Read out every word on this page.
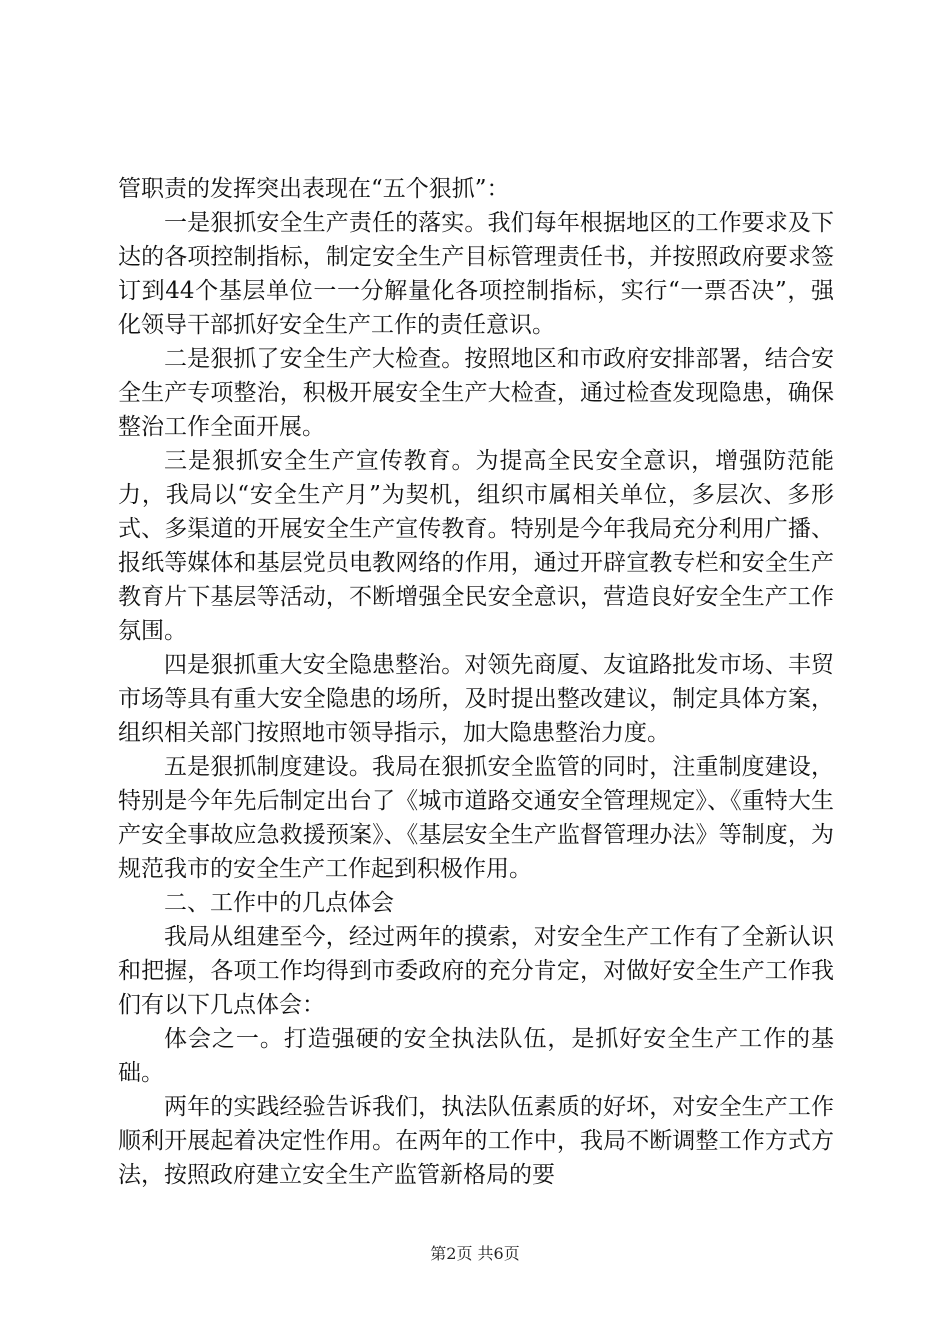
管职责的发挥突出表现在“五个狠抓”：

一是狠抓安全生产责任的落实。我们每年根据地区的工作要求及下达的各项控制指标，制定安全生产目标管理责任书，并按照政府要求签订到44个基层单位一一分解量化各项控制指标，实行“一票否决”，强化领导干部抓好安全生产工作的责任意识。

二是狠抓了安全生产大检查。按照地区和市政府安排部署，结合安全生产专项整治，积极开展安全生产大检查，通过检查发现隐患，确保整治工作全面开展。

三是狠抓安全生产宣传教育。为提高全民安全意识，增强防范能力，我局以“安全生产月”为契机，组织市属相关单位，多层次、多形式、多渠道的开展安全生产宣传教育。特别是今年我局充分利用广播、报纸等媒体和基层党员电教网络的作用，通过开辟宣教专栏和安全生产教育片下基层等活动，不断增强全民安全意识，营造良好安全生产工作氛围。

四是狠抓重大安全隐患整治。对领先商厦、友谊路批发市场、丰贸市场等具有重大安全隐患的场所，及时提出整改建议，制定具体方案，组织相关部门按照地市领导指示，加大隐患整治力度。

五是狠抓制度建设。我局在狠抓安全监管的同时，注重制度建设，特别是今年先后制定出台了《城市道路交通安全管理规定》、《重特大生产安全事故应急救援预案》、《基层安全生产监督管理办法》等制度，为规范我市的安全生产工作起到积极作用。

二、工作中的几点体会

我局从组建至今，经过两年的摸索，对安全生产工作有了全新认识和把握，各项工作均得到市委政府的充分肯定，对做好安全生产工作我们有以下几点体会：

体会之一。打造强硬的安全执法队伍，是抓好安全生产工作的基础。

两年的实践经验告诉我们，执法队伍素质的好坏，对安全生产工作顺利开展起着决定性作用。在两年的工作中，我局不断调整工作方式方法，按照政府建立安全生产监管新格局的要

第2页 共6页
